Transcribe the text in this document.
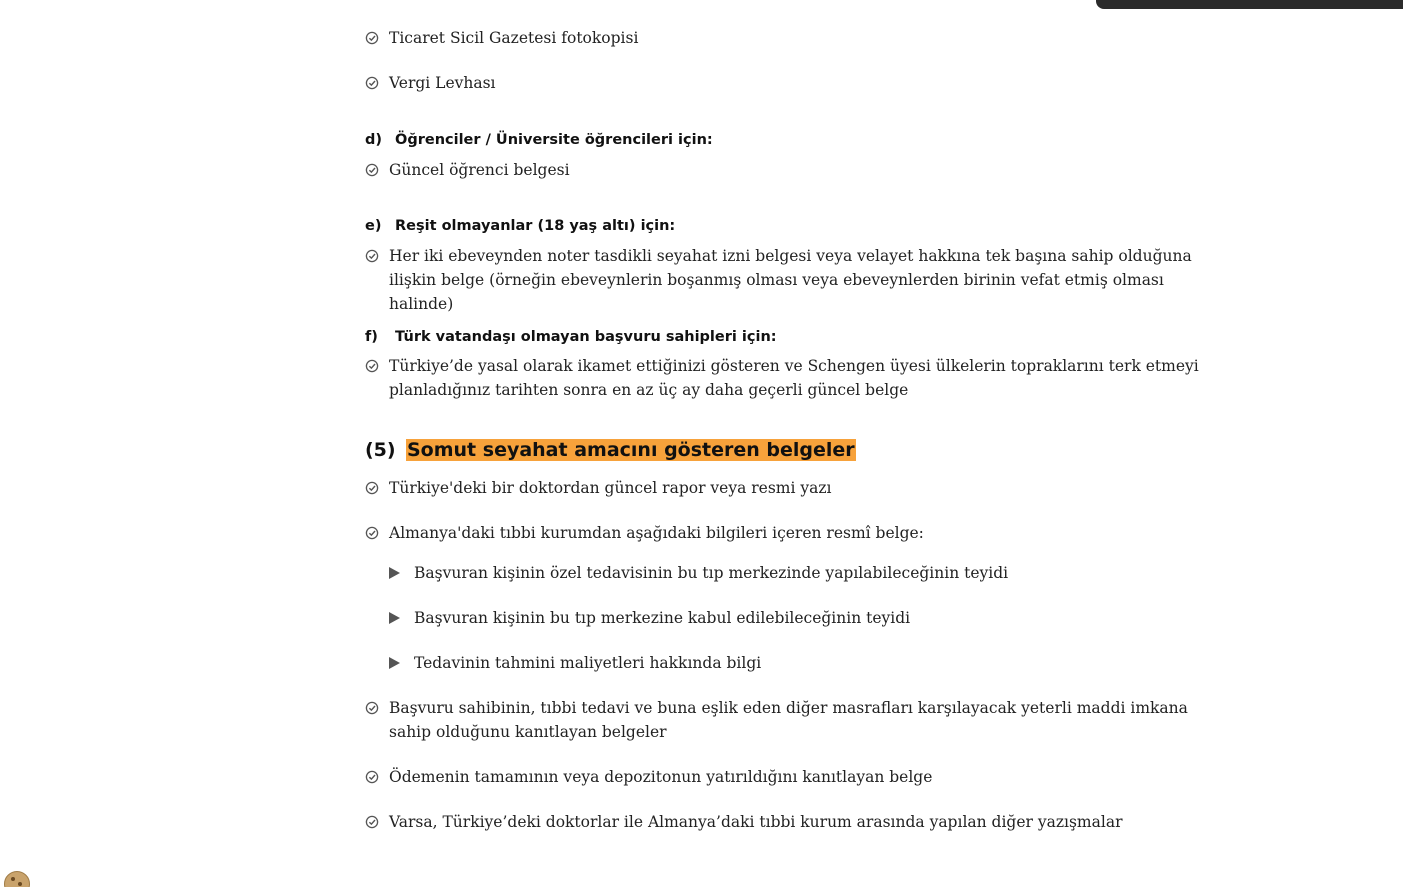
Ticaret Sicil Gazetesi fotokopisi
Vergi Levhası
d) Öğrenciler / Üniversite öğrencileri için:
Güncel öğrenci belgesi
e) Reşit olmayanlar (18 yaş altı) için:
Her iki ebeveynden noter tasdikli seyahat izni belgesi veya velayet hakkına tek başına sahip olduğuna ilişkin belge (örneğin ebeveynlerin boşanmış olması veya ebeveynlerden birinin vefat etmiş olması halinde)
f) Türk vatandaşı olmayan başvuru sahipleri için:
Türkiye’de yasal olarak ikamet ettiğinizi gösteren ve Schengen üyesi ülkelerin topraklarını terk etmeyi planladığınız tarihten sonra en az üç ay daha geçerli güncel belge
(5) Somut seyahat amacını gösteren belgeler
Türkiye'deki bir doktordan güncel rapor veya resmi yazı
Almanya'daki tıbbi kurumdan aşağıdaki bilgileri içeren resmî belge:
Başvuran kişinin özel tedavisinin bu tıp merkezinde yapılabileceğinin teyidi
Başvuran kişinin bu tıp merkezine kabul edilebileceğinin teyidi
Tedavinin tahmini maliyetleri hakkında bilgi
Başvuru sahibinin, tıbbi tedavi ve buna eşlik eden diğer masrafları karşılayacak yeterli maddi imkana sahip olduğunu kanıtlayan belgeler
Ödemenin tamamının veya depozitonun yatırıldığını kanıtlayan belge
Varsa, Türkiye’deki doktorlar ile Almanya’daki tıbbi kurum arasında yapılan diğer yazışmalar
